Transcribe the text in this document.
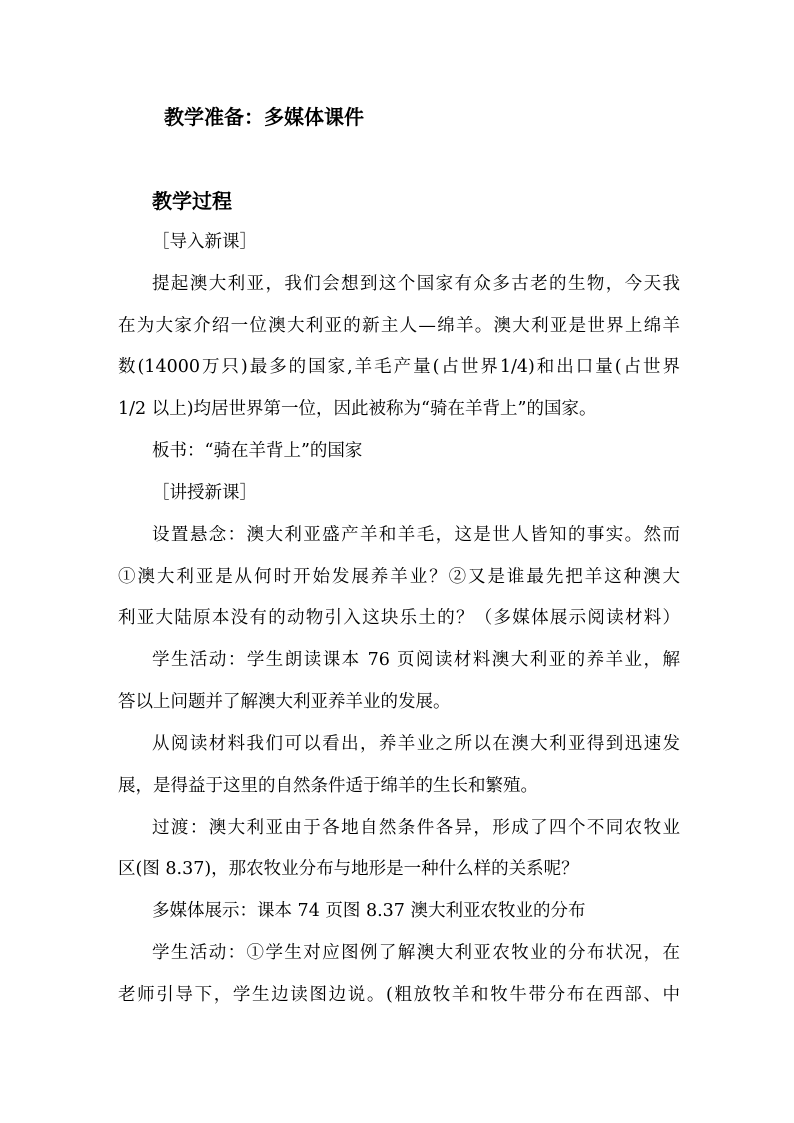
教学准备：多媒体课件
教学过程
［导入新课］
提起澳大利亚，我们会想到这个国家有众多古老的生物，今天我
在为大家介绍一位澳大利亚的新主人—绵羊。澳大利亚是世界上绵羊
数(14000万只)最多的国家,羊毛产量(占世界1/4)和出口量(占世界
1/2 以上)均居世界第一位，因此被称为“骑在羊背上”的国家。
板书：“骑在羊背上”的国家
［讲授新课］
设置悬念：澳大利亚盛产羊和羊毛，这是世人皆知的事实。然而
①澳大利亚是从何时开始发展养羊业？②又是谁最先把羊这种澳大
利亚大陆原本没有的动物引入这块乐土的？（多媒体展示阅读材料）
学生活动：学生朗读课本 76 页阅读材料澳大利亚的养羊业，解
答以上问题并了解澳大利亚养羊业的发展。
从阅读材料我们可以看出，养羊业之所以在澳大利亚得到迅速发
展，是得益于这里的自然条件适于绵羊的生长和繁殖。
过渡：澳大利亚由于各地自然条件各异，形成了四个不同农牧业
区(图 8.37)，那农牧业分布与地形是一种什么样的关系呢？
多媒体展示：课本 74 页图 8.37 澳大利亚农牧业的分布
学生活动：①学生对应图例了解澳大利亚农牧业的分布状况，在
老师引导下，学生边读图边说。(粗放牧羊和牧牛带分布在西部、中
